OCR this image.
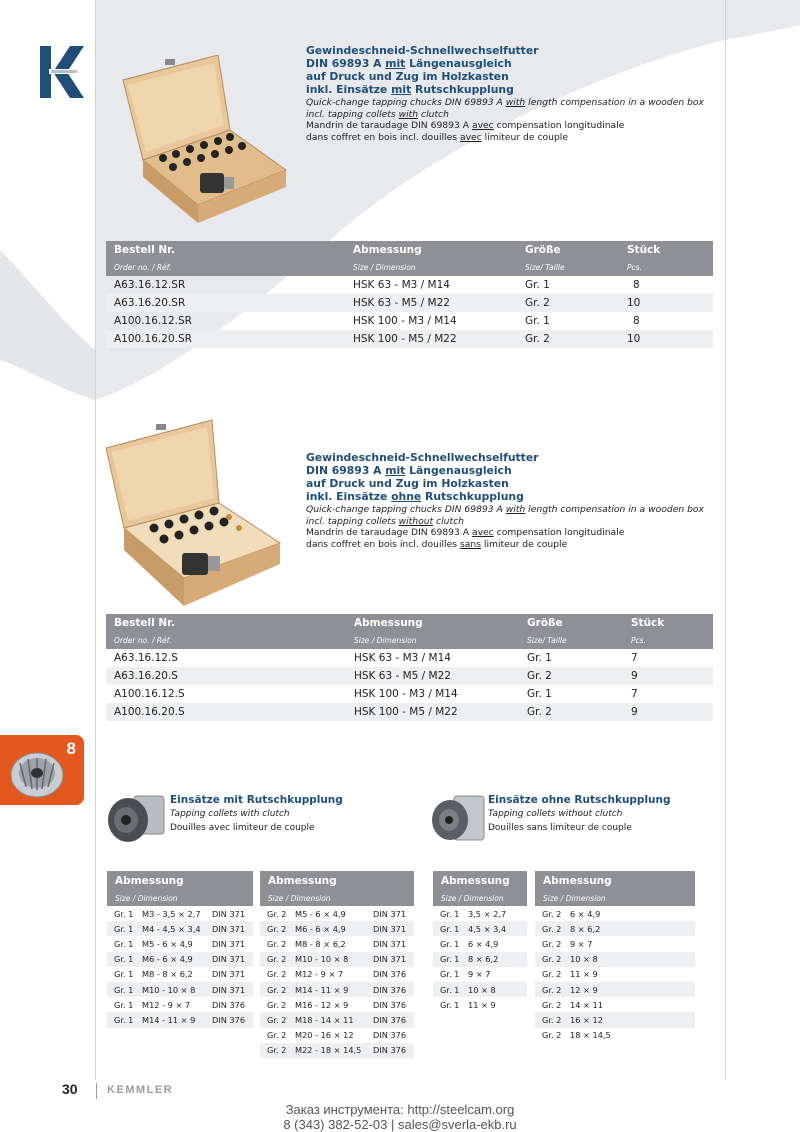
Gewindeschneid-Schnellwechselfutter
DIN 69893 A mit Längenausgleich
auf Druck und Zug im Holzkasten
inkl. Einsätze mit Rutschkupplung
Quick-change tapping chucks DIN 69893 A with length compensation in a wooden box
incl. tapping collets with clutch
Mandrin de taraudage DIN 69893 A avec compensation longitudinale
dans coffret en bois incl. douilles avec limiteur de couple
Bestell Nr.	Abmessung	Größe	Stück
Order no. / Réf.	Size / Dimension	Size/ Taille	Pcs.
A63.16.12.SR	HSK 63 - M3 / M14	Gr. 1	8
A63.16.20.SR	HSK 63 - M5 / M22	Gr. 2	10
A100.16.12.SR	HSK 100 - M3 / M14	Gr. 1	8
A100.16.20.SR	HSK 100 - M5 / M22	Gr. 2	10
Gewindeschneid-Schnellwechselfutter
DIN 69893 A mit Längenausgleich
auf Druck und Zug im Holzkasten
inkl. Einsätze ohne Rutschkupplung
Quick-change tapping chucks DIN 69893 A with length compensation in a wooden box
incl. tapping collets without clutch
Mandrin de taraudage DIN 69893 A avec compensation longitudinale
dans coffret en bois incl. douilles sans limiteur de couple
Bestell Nr.	Abmessung	Größe	Stück
Order no. / Réf.	Size / Dimension	Size/ Taille	Pcs.
A63.16.12.S	HSK 63 - M3 / M14	Gr. 1	7
A63.16.20.S	HSK 63 - M5 / M22	Gr. 2	9
A100.16.12.S	HSK 100 - M3 / M14	Gr. 1	7
A100.16.20.S	HSK 100 - M5 / M22	Gr. 2	9
8
Einsätze mit Rutschkupplung
Tapping collets with clutch
Douilles avec limiteur de couple
Einsätze ohne Rutschkupplung
Tapping collets without clutch
Douilles sans limiteur de couple
Abmessung		
Size / Dimension		
Gr. 1	M3 - 3,5 × 2,7	DIN 371
Gr. 1	M4 - 4,5 × 3,4	DIN 371
Gr. 1	M5 - 6 × 4,9	DIN 371
Gr. 1	M6 - 6 × 4,9	DIN 371
Gr. 1	M8 - 8 × 6,2	DIN 371
Gr. 1	M10 - 10 × 8	DIN 371
Gr. 1	M12 - 9 × 7	DIN 376
Gr. 1	M14 - 11 × 9	DIN 376
Abmessung		
Size / Dimension		
Gr. 2	M5 - 6 × 4,9	DIN 371
Gr. 2	M6 - 6 × 4,9	DIN 371
Gr. 2	M8 - 8 × 6,2	DIN 371
Gr. 2	M10 - 10 × 8	DIN 371
Gr. 2	M12 - 9 × 7	DIN 376
Gr. 2	M14 - 11 × 9	DIN 376
Gr. 2	M16 - 12 × 9	DIN 376
Gr. 2	M18 - 14 × 11	DIN 376
Gr. 2	M20 - 16 × 12	DIN 376
Gr. 2	M22 - 18 × 14,5	DIN 376
Abmessung	
Size / Dimension	
Gr. 1	3,5 × 2,7
Gr. 1	4,5 × 3,4
Gr. 1	6 × 4,9
Gr. 1	8 × 6,2
Gr. 1	9 × 7
Gr. 1	10 × 8
Gr. 1	11 × 9
Abmessung	
Size / Dimension	
Gr. 2	6 × 4,9
Gr. 2	8 × 6,2
Gr. 2	9 × 7
Gr. 2	10 × 8
Gr. 2	11 × 9
Gr. 2	12 × 9
Gr. 2	14 × 11
Gr. 2	16 × 12
Gr. 2	18 × 14,5
30	KEMMLER
Заказ инструмента: http://steelcam.org
8 (343) 382-52-03 | sales@sverla-ekb.ru
